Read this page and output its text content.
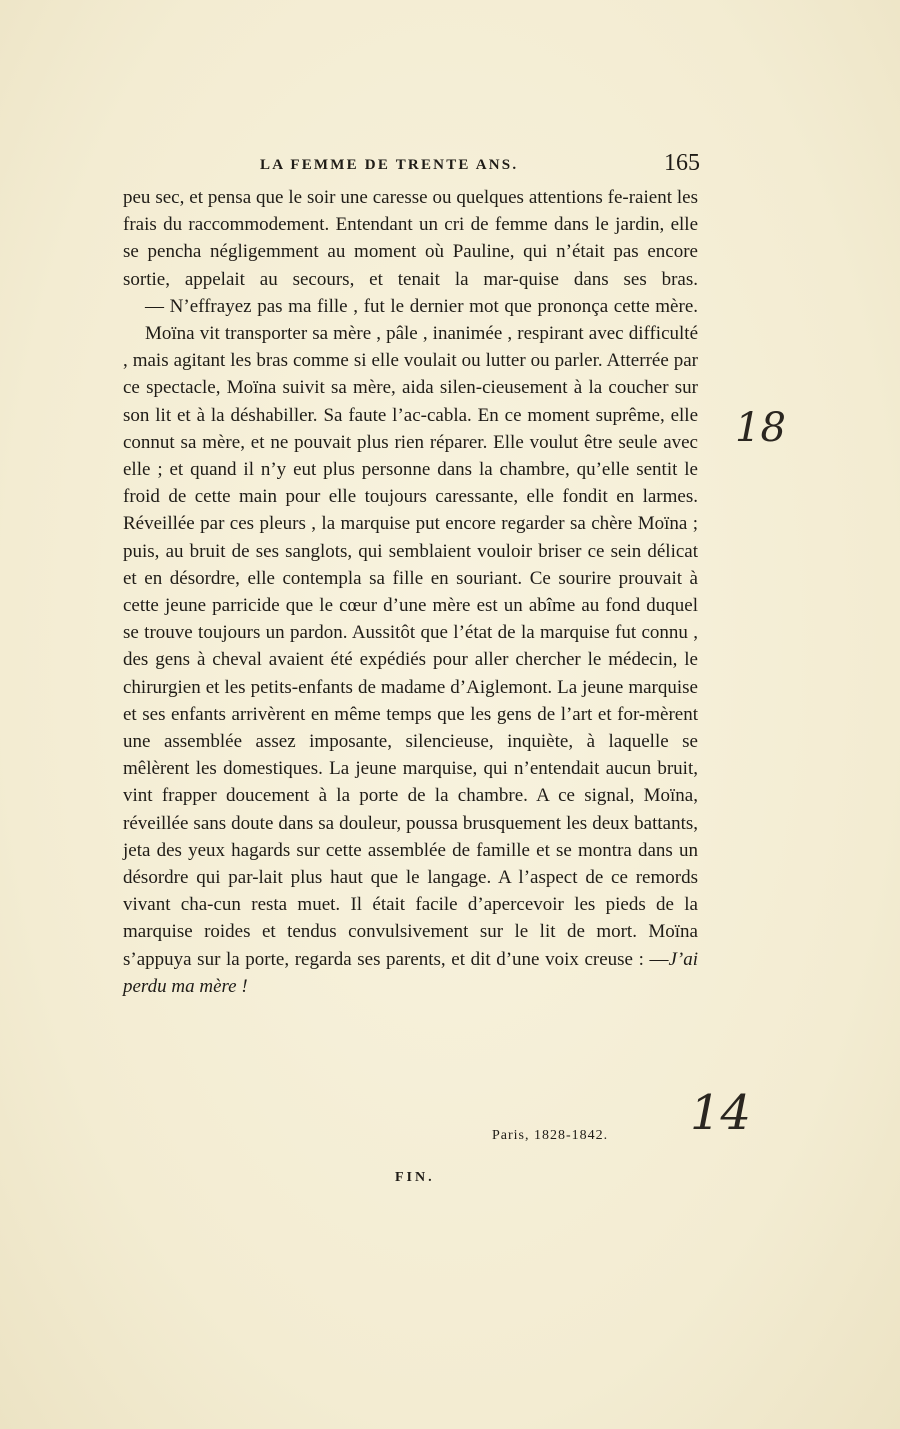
LA FEMME DE TRENTE ANS.	165

peu sec, et pensa que le soir une caresse ou quelques attentions fe-raient les frais du raccommodement. Entendant un cri de femme dans le jardin, elle se pencha négligemment au moment où Pauline, qui n’était pas encore sortie, appelait au secours, et tenait la mar-quise dans ses bras.

— N’effrayez pas ma fille , fut le dernier mot que prononça cette mère.

Moïna vit transporter sa mère , pâle , inanimée , respirant avec difficulté , mais agitant les bras comme si elle voulait ou lutter ou parler. Atterrée par ce spectacle, Moïna suivit sa mère, aida silen-cieusement à la coucher sur son lit et à la déshabiller. Sa faute l’ac-cabla. En ce moment suprême, elle connut sa mère, et ne pouvait plus rien réparer. Elle voulut être seule avec elle ; et quand il n’y eut plus personne dans la chambre, qu’elle sentit le froid de cette main pour elle toujours caressante, elle fondit en larmes. Réveillée par ces pleurs , la marquise put encore regarder sa chère Moïna ; puis, au bruit de ses sanglots, qui semblaient vouloir briser ce sein délicat et en désordre, elle contempla sa fille en souriant. Ce sourire prouvait à cette jeune parricide que le cœur d’une mère est un abîme au fond duquel se trouve toujours un pardon. Aussitôt que l’état de la marquise fut connu , des gens à cheval avaient été expédiés pour aller chercher le médecin, le chirurgien et les petits-enfants de madame d’Aiglemont. La jeune marquise et ses enfants arrivèrent en même temps que les gens de l’art et for-mèrent une assemblée assez imposante, silencieuse, inquiète, à laquelle se mêlèrent les domestiques. La jeune marquise, qui n’entendait aucun bruit, vint frapper doucement à la porte de la chambre. A ce signal, Moïna, réveillée sans doute dans sa douleur, poussa brusquement les deux battants, jeta des yeux hagards sur cette assemblée de famille et se montra dans un désordre qui par-lait plus haut que le langage. A l’aspect de ce remords vivant cha-cun resta muet. Il était facile d’apercevoir les pieds de la marquise roides et tendus convulsivement sur le lit de mort. Moïna s’appuya sur la porte, regarda ses parents, et dit d’une voix creuse : —J’ai perdu ma mère !

Paris, 1828-1842.
FIN.
18
14
